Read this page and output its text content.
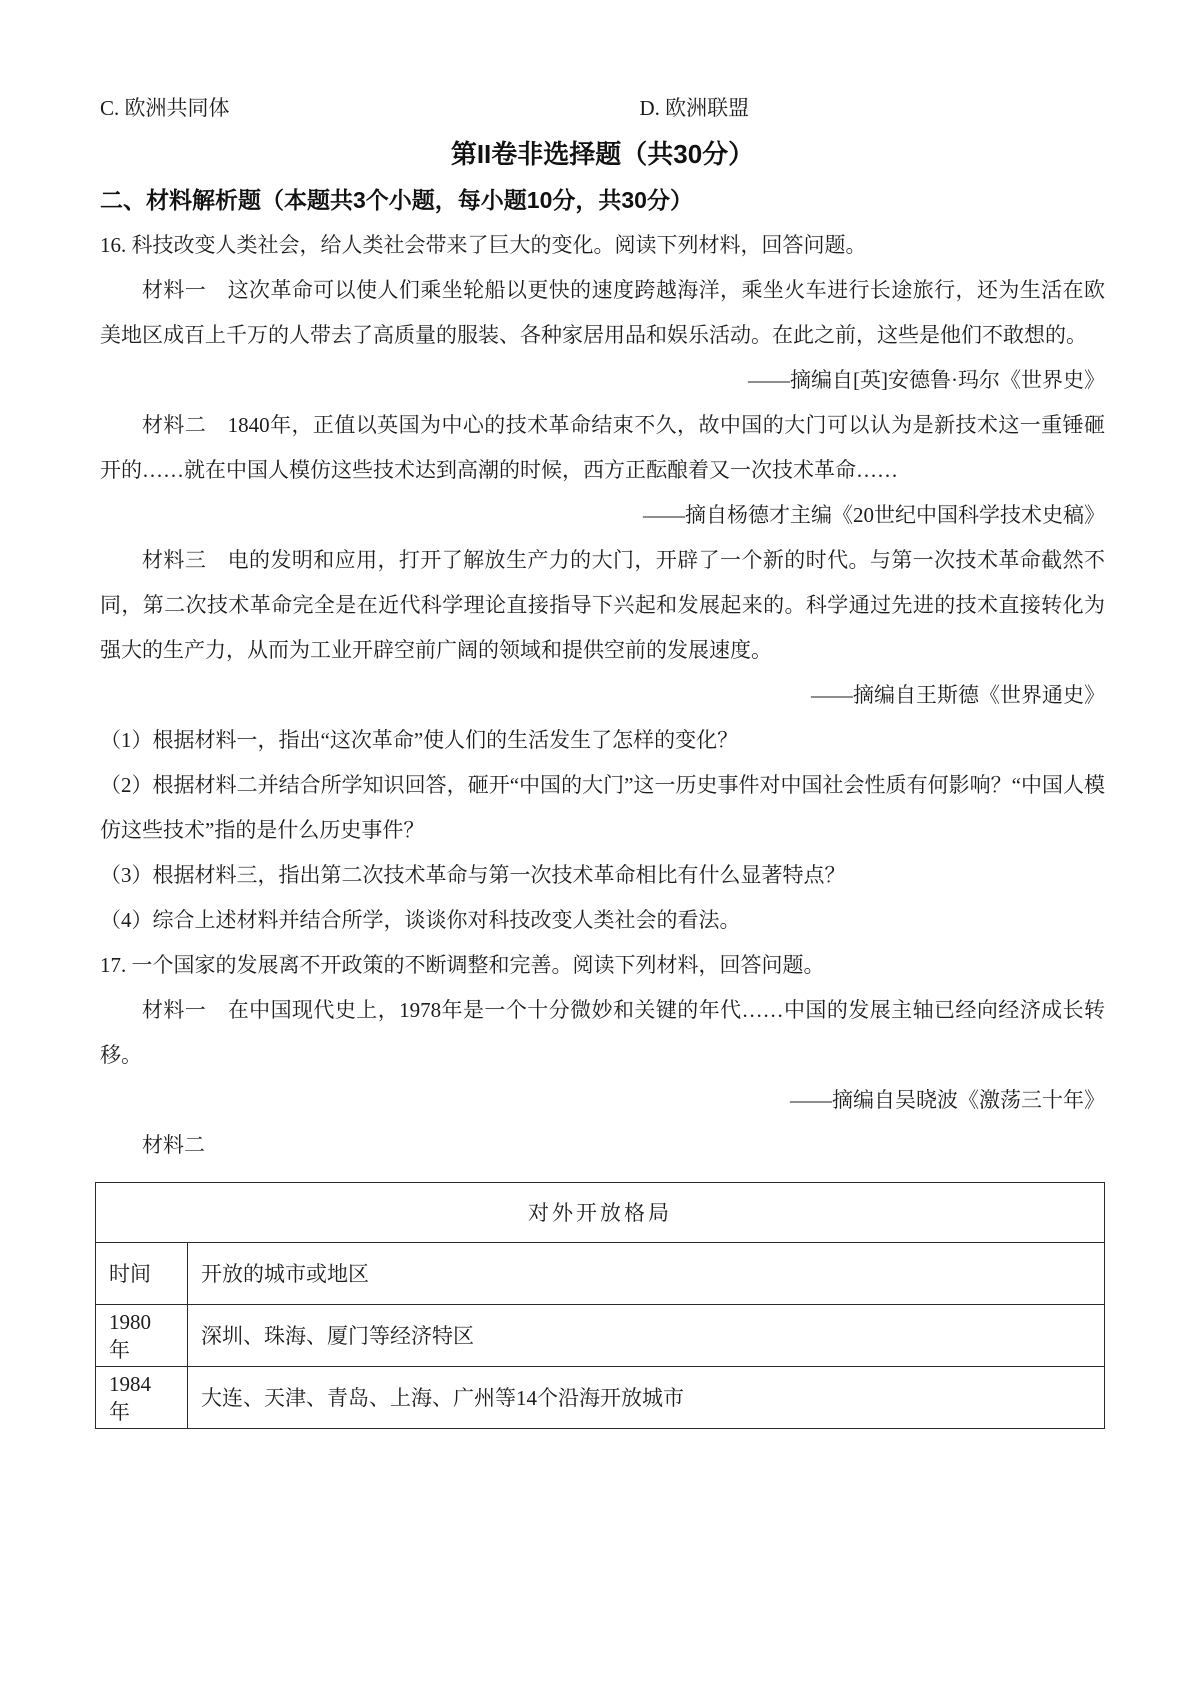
C. 欧洲共同体	D. 欧洲联盟
第II卷非选择题（共30分）
二、材料解析题（本题共3个小题，每小题10分，共30分）
16. 科技改变人类社会，给人类社会带来了巨大的变化。阅读下列材料，回答问题。
材料一　这次革命可以使人们乘坐轮船以更快的速度跨越海洋，乘坐火车进行长途旅行，还为生活在欧美地区成百上千万的人带去了高质量的服装、各种家居用品和娱乐活动。在此之前，这些是他们不敢想的。
——摘编自[英]安德鲁·玛尔《世界史》
材料二　1840年，正值以英国为中心的技术革命结束不久，故中国的大门可以认为是新技术这一重锤砸开的……就在中国人模仿这些技术达到高潮的时候，西方正酝酿着又一次技术革命……
——摘自杨德才主编《20世纪中国科学技术史稿》
材料三　电的发明和应用，打开了解放生产力的大门，开辟了一个新的时代。与第一次技术革命截然不同，第二次技术革命完全是在近代科学理论直接指导下兴起和发展起来的。科学通过先进的技术直接转化为强大的生产力，从而为工业开辟空前广阔的领域和提供空前的发展速度。
——摘编自王斯德《世界通史》
（1）根据材料一，指出“这次革命”使人们的生活发生了怎样的变化？
（2）根据材料二并结合所学知识回答，砸开“中国的大门”这一历史事件对中国社会性质有何影响？“中国人模仿这些技术”指的是什么历史事件？
（3）根据材料三，指出第二次技术革命与第一次技术革命相比有什么显著特点？
（4）综合上述材料并结合所学，谈谈你对科技改变人类社会的看法。
17. 一个国家的发展离不开政策的不断调整和完善。阅读下列材料，回答问题。
材料一　在中国现代史上，1978年是一个十分微妙和关键的年代……中国的发展主轴已经向经济成长转移。
——摘编自吴晓波《激荡三十年》
材料二
对外开放格局	
时间	开放的城市或地区
1980 年	深圳、珠海、厦门等经济特区
1984 年	大连、天津、青岛、上海、广州等14个沿海开放城市
